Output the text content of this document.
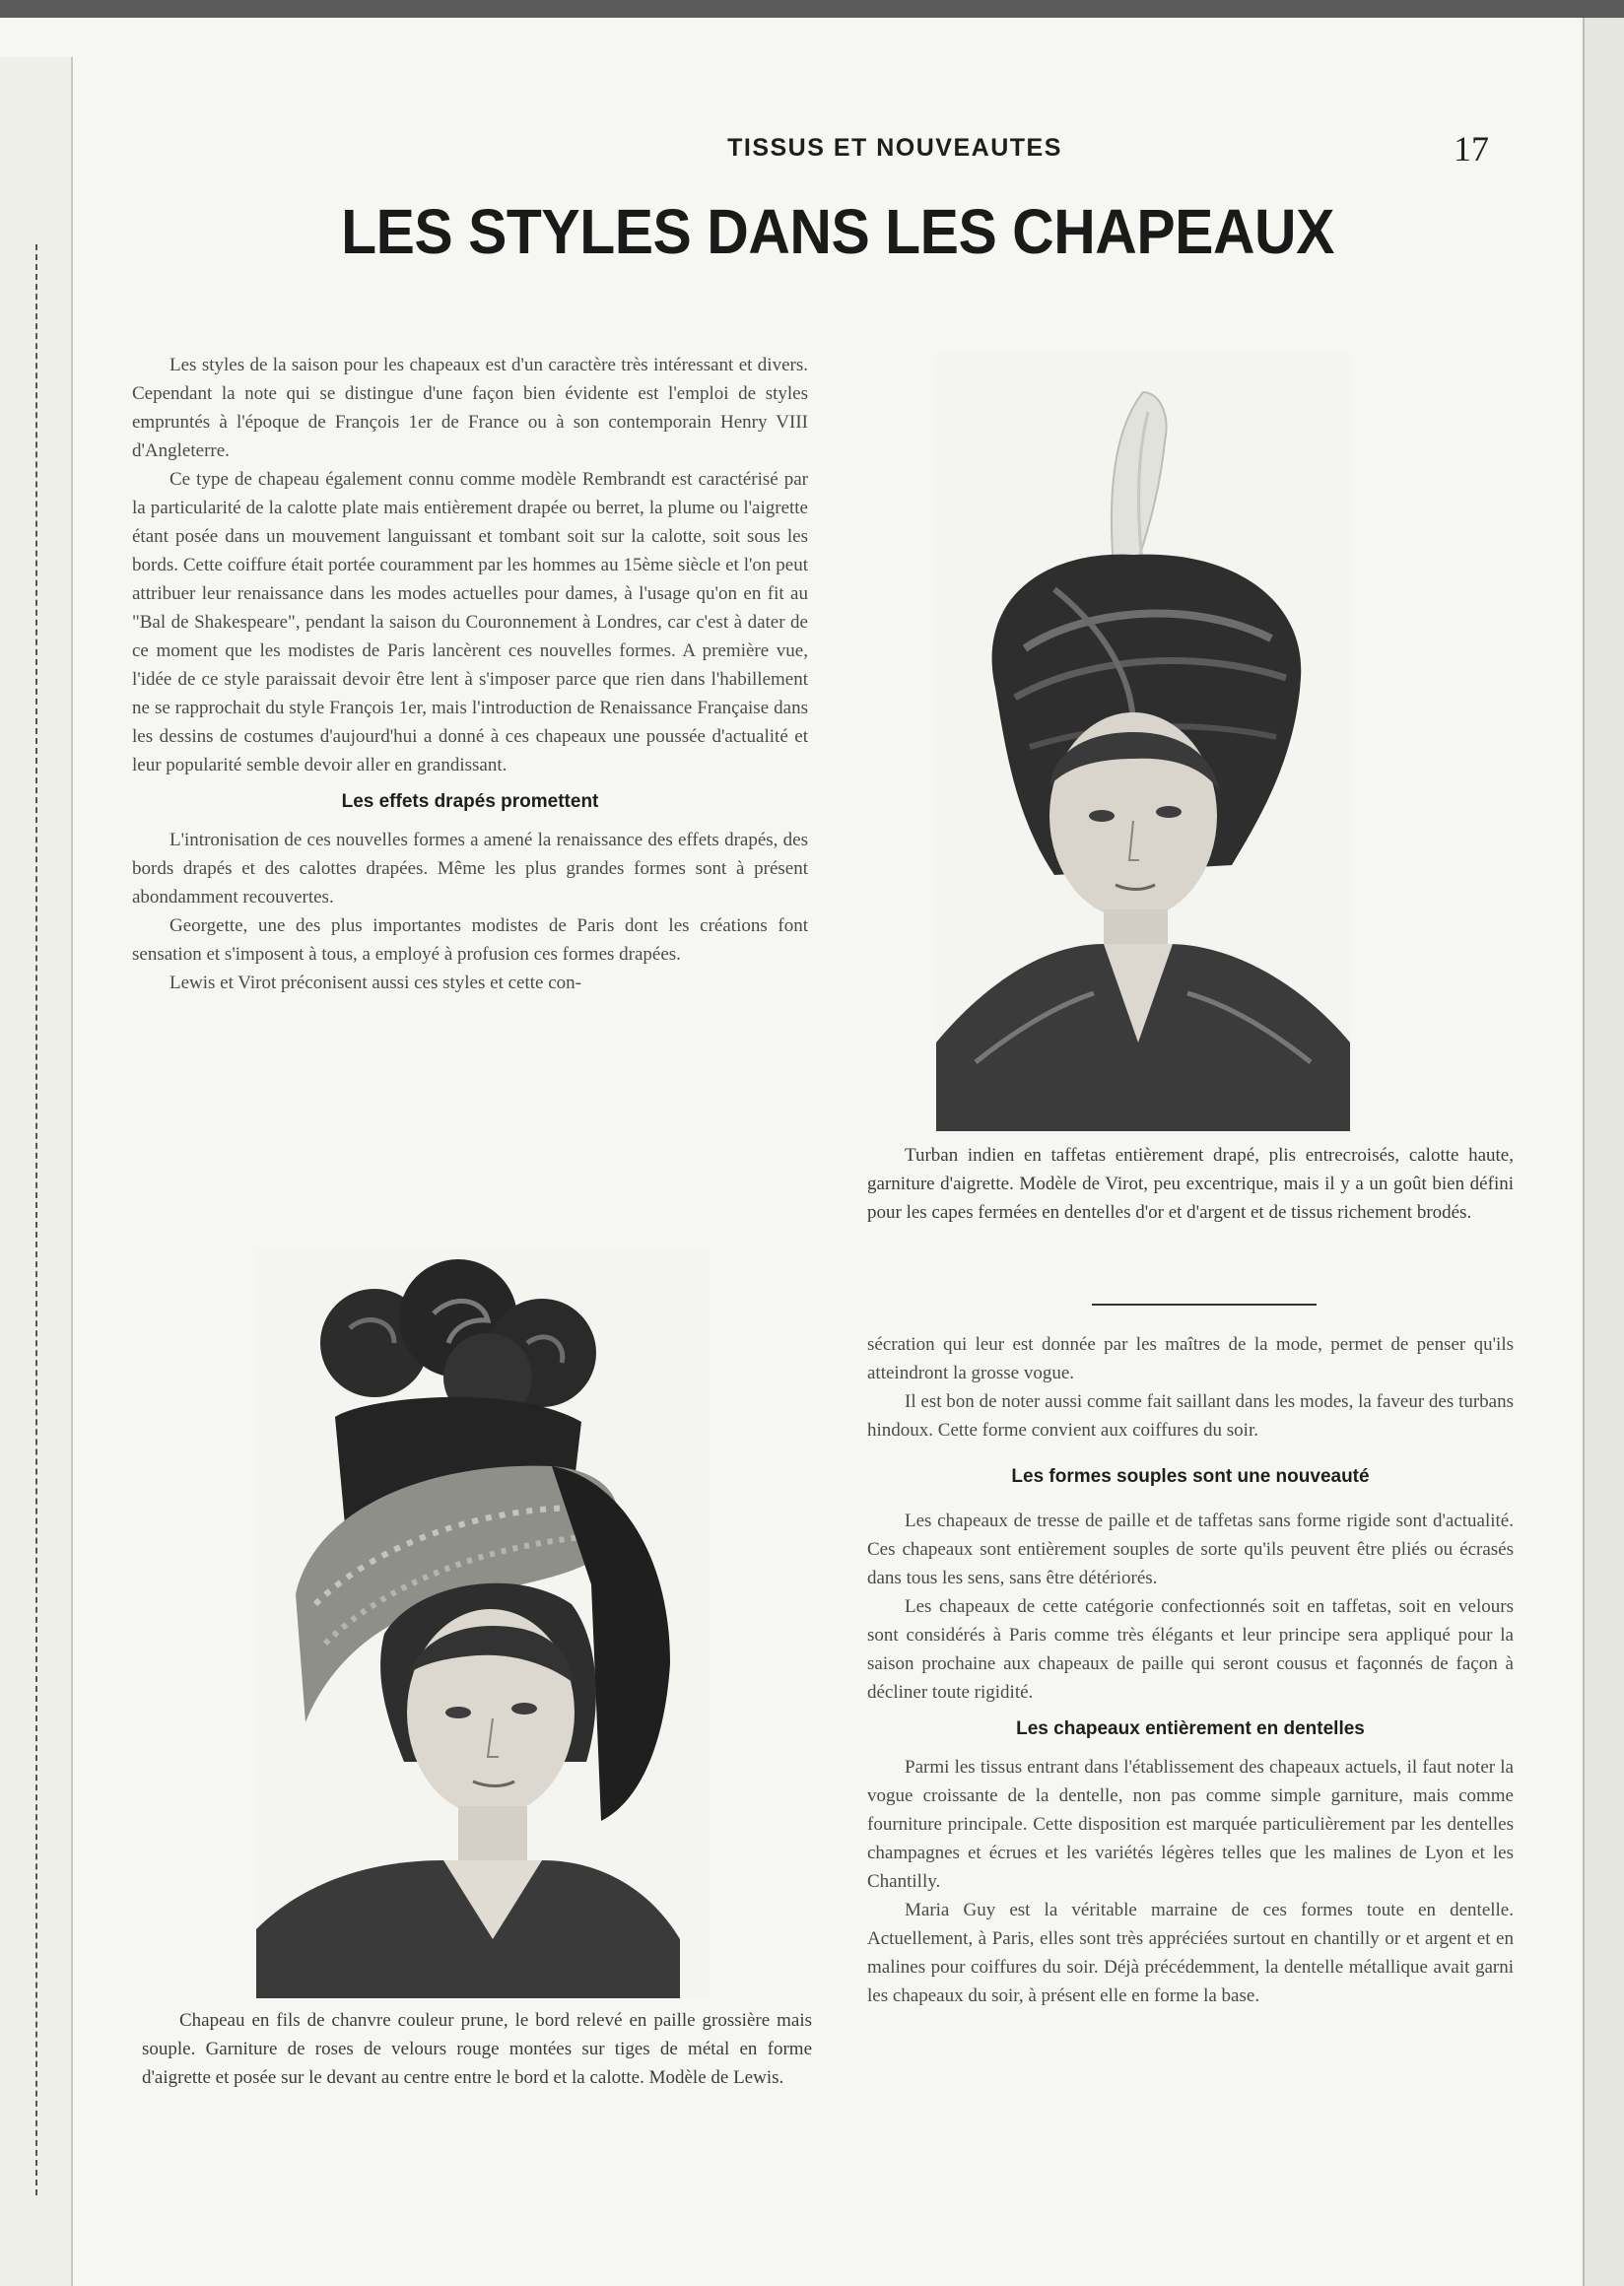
TISSUS ET NOUVEAUTES	17
LES STYLES DANS LES CHAPEAUX

Les styles de la saison pour les chapeaux est d'un caractère très intéressant et divers. Cependant la note qui se distingue d'une façon bien évidente est l'emploi de styles empruntés à l'époque de François 1er de France ou à son contemporain Henry VIII d'Angleterre.

Ce type de chapeau également connu comme modèle Rembrandt est caractérisé par la particularité de la calotte plate mais entièrement drapée ou berret, la plume ou l'aigrette étant posée dans un mouvement languissant et tombant soit sur la calotte, soit sous les bords. Cette coiffure était portée couramment par les hommes au 15ème siècle et l'on peut attribuer leur renaissance dans les modes actuelles pour dames, à l'usage qu'on en fit au "Bal de Shakespeare", pendant la saison du Couronnement à Londres, car c'est à dater de ce moment que les modistes de Paris lancèrent ces nouvelles formes. A première vue, l'idée de ce style paraissait devoir être lent à s'imposer parce que rien dans l'habillement ne se rapprochait du style François 1er, mais l'introduction de Renaissance Française dans les dessins de costumes d'aujourd'hui a donné à ces chapeaux une poussée d'actualité et leur popularité semble devoir aller en grandissant.

Les effets drapés promettent

L'intronisation de ces nouvelles formes a amené la renaissance des effets drapés, des bords drapés et des calottes drapées. Même les plus grandes formes sont à présent abondamment recouvertes.

Georgette, une des plus importantes modistes de Paris dont les créations font sensation et s'imposent à tous, a employé à profusion ces formes drapées.

Lewis et Virot préconisent aussi ces styles et cette con-

Turban indien en taffetas entièrement drapé, plis entrecroisés, calotte haute, garniture d'aigrette. Modèle de Virot, peu excentrique, mais il y a un goût bien défini pour les capes fermées en dentelles d'or et d'argent et de tissus richement brodés.

sécration qui leur est donnée par les maîtres de la mode, permet de penser qu'ils atteindront la grosse vogue.

Il est bon de noter aussi comme fait saillant dans les modes, la faveur des turbans hindoux. Cette forme convient aux coiffures du soir.

Les formes souples sont une nouveauté

Les chapeaux de tresse de paille et de taffetas sans forme rigide sont d'actualité. Ces chapeaux sont entièrement souples de sorte qu'ils peuvent être pliés ou écrasés dans tous les sens, sans être détériorés.

Les chapeaux de cette catégorie confectionnés soit en taffetas, soit en velours sont considérés à Paris comme très élégants et leur principe sera appliqué pour la saison prochaine aux chapeaux de paille qui seront cousus et façonnés de façon à décliner toute rigidité.

Les chapeaux entièrement en dentelles

Parmi les tissus entrant dans l'établissement des chapeaux actuels, il faut noter la vogue croissante de la dentelle, non pas comme simple garniture, mais comme fourniture principale. Cette disposition est marquée particulièrement par les dentelles champagnes et écrues et les variétés légères telles que les malines de Lyon et les Chantilly.

Maria Guy est la véritable marraine de ces formes toute en dentelle. Actuellement, à Paris, elles sont très appréciées surtout en chantilly or et argent et en malines pour coiffures du soir. Déjà précédemment, la dentelle métallique avait garni les chapeaux du soir, à présent elle en forme la base.

Chapeau en fils de chanvre couleur prune, le bord relevé en paille grossière mais souple. Garniture de roses de velours rouge montées sur tiges de métal en forme d'aigrette et posée sur le devant au centre entre le bord et la calotte. Modèle de Lewis.
